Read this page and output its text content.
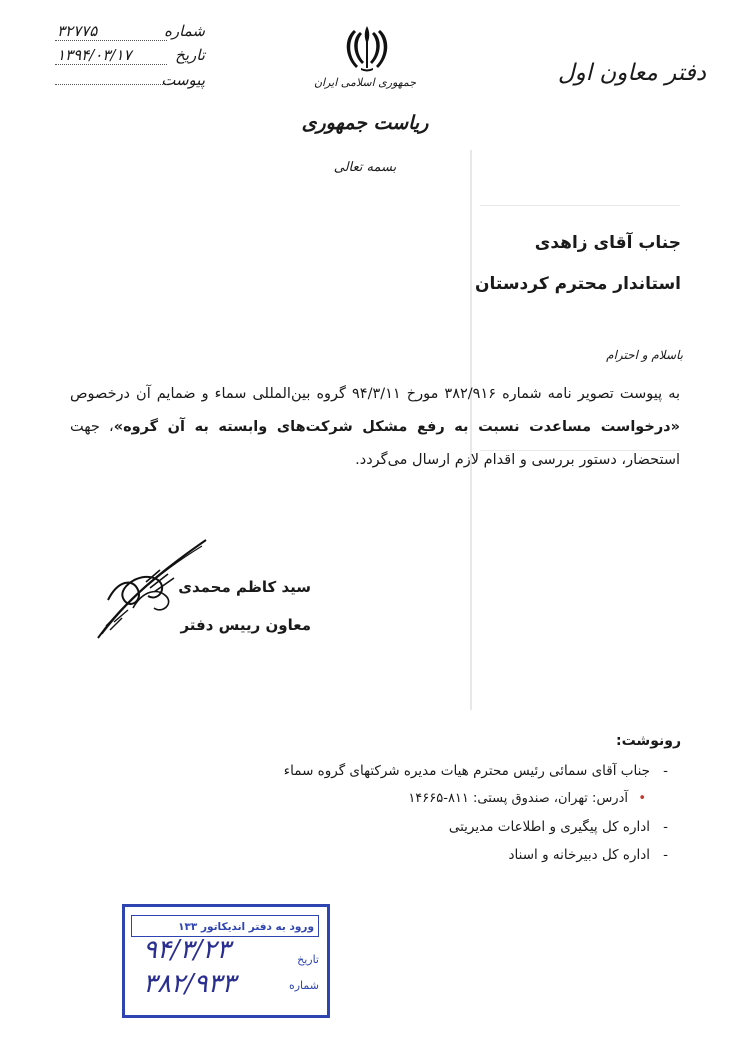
شماره
۳۲۷۷۵
تاریخ
۱۳۹۴/۰۳/۱۷
پیوست	جمهوری اسلامی ایران
ریاست جمهوری
بسمه تعالی
دفتر معاون اول
جناب آقای زاهدی
استاندار محترم کردستان
باسلام و احترام
به پیوست تصویر نامه شماره ۳۸۲/۹۱۶ مورخ ۹۴/۳/۱۱ گروه بین‌المللی سماء و ضمایم آن درخصوص «درخواست مساعدت نسبت به رفع مشکل شرکت‌های وابسته به آن گروه»، جهت استحضار، دستور بررسی و اقدام لازم ارسال می‌گردد.
سید کاظم محمدی
معاون رییس دفتر
رونوشت:
-
جناب آقای سمائی رئیس محترم هیات مدیره شرکتهای گروه سماء
•
آدرس: تهران، صندوق پستی: ۸۱۱-۱۴۶۶۵
-
اداره کل پیگیری و اطلاعات مدیریتی
-
اداره کل دبیرخانه و اسناد
ورود به دفتر اندیکاتور ۱۳۳
تاریخ
شماره
۹۴/۳/۲۳
۳۸۲/۹۳۳
